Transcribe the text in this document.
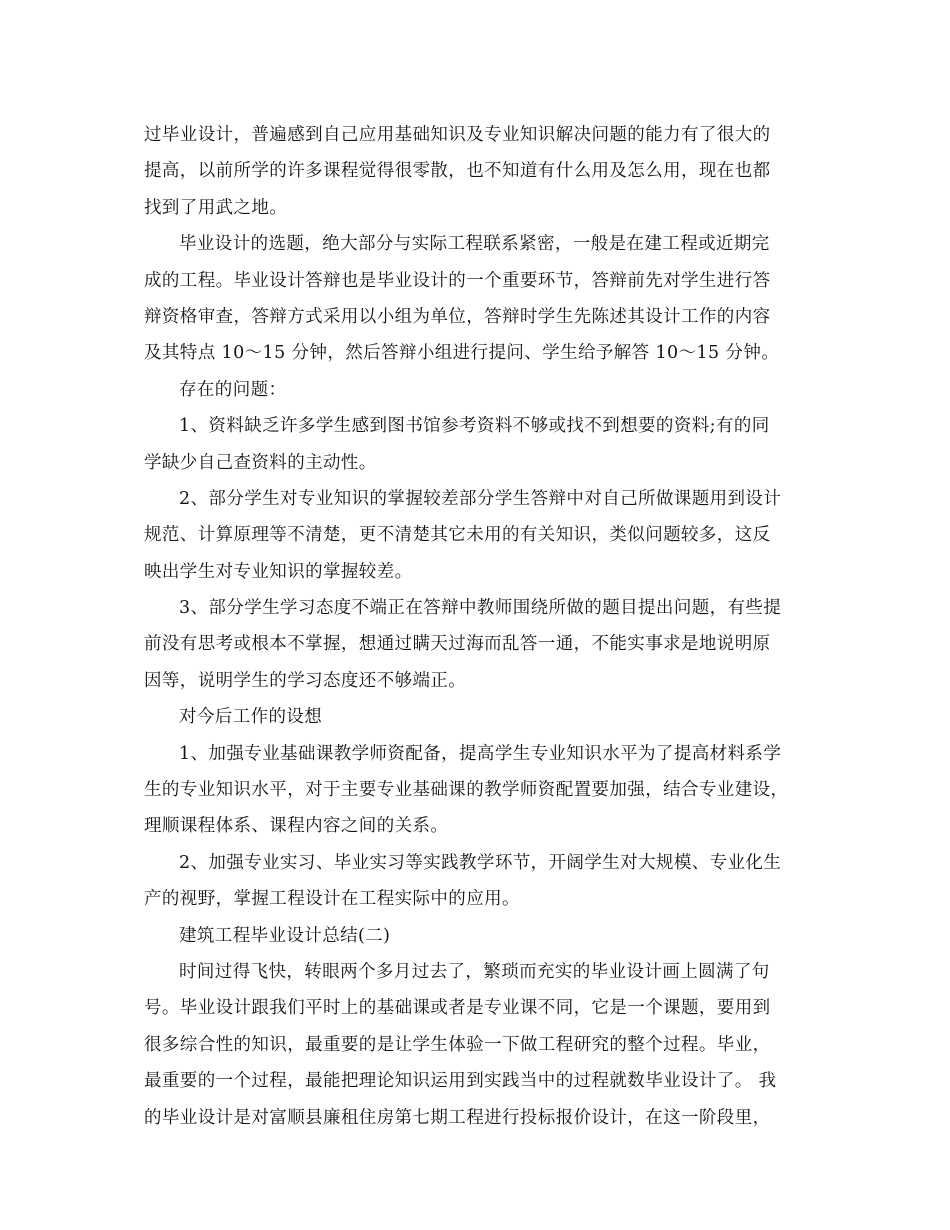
过毕业设计，普遍感到自己应用基础知识及专业知识解决问题的能力有了很大的
提高，以前所学的许多课程觉得很零散，也不知道有什么用及怎么用，现在也都
找到了用武之地。
毕业设计的选题，绝大部分与实际工程联系紧密，一般是在建工程或近期完
成的工程。毕业设计答辩也是毕业设计的一个重要环节，答辩前先对学生进行答
辩资格审查，答辩方式采用以小组为单位，答辩时学生先陈述其设计工作的内容
及其特点 10～15 分钟，然后答辩小组进行提问、学生给予解答 10～15 分钟。
存在的问题：
1、资料缺乏许多学生感到图书馆参考资料不够或找不到想要的资料;有的同
学缺少自己查资料的主动性。
2、部分学生对专业知识的掌握较差部分学生答辩中对自己所做课题用到设计
规范、计算原理等不清楚，更不清楚其它未用的有关知识，类似问题较多，这反
映出学生对专业知识的掌握较差。
3、部分学生学习态度不端正在答辩中教师围绕所做的题目提出问题，有些提
前没有思考或根本不掌握，想通过瞒天过海而乱答一通，不能实事求是地说明原
因等，说明学生的学习态度还不够端正。
对今后工作的设想
1、加强专业基础课教学师资配备，提高学生专业知识水平为了提高材料系学
生的专业知识水平，对于主要专业基础课的教学师资配置要加强，结合专业建设，
理顺课程体系、课程内容之间的关系。
2、加强专业实习、毕业实习等实践教学环节，开阔学生对大规模、专业化生
产的视野，掌握工程设计在工程实际中的应用。
建筑工程毕业设计总结(二)
时间过得飞快，转眼两个多月过去了，繁琐而充实的毕业设计画上圆满了句
号。毕业设计跟我们平时上的基础课或者是专业课不同，它是一个课题，要用到
很多综合性的知识，最重要的是让学生体验一下做工程研究的整个过程。毕业，
最重要的一个过程，最能把理论知识运用到实践当中的过程就数毕业设计了。 我
的毕业设计是对富顺县廉租住房第七期工程进行投标报价设计，在这一阶段里，
